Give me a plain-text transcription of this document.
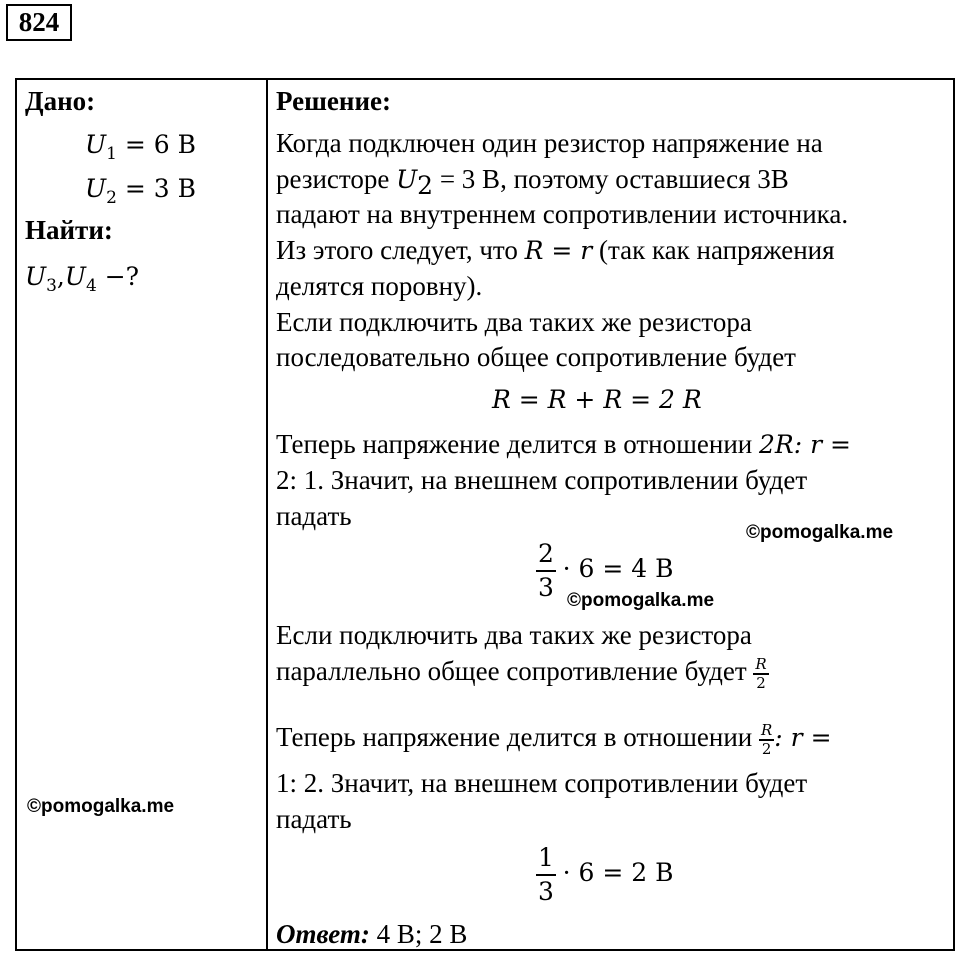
824
Дано:
$U_1 = 6$ В
$U_2 = 3$ В
Найти:
$U_3,U_4$ −?
©pomogalka.me
Решение:
Когда подключен один резистор напряжение на
резисторе $U_2 = 3$ В, поэтому оставшиеся 3В
падают на внутреннем сопротивлении источника.
Из этого следует, что R = r (так как напряжения
делятся поровну).
Если подключить два таких же резистора
последовательно общее сопротивление будет
R = R + R = 2 R
Теперь напряжение делится в отношении 2R: r =
2: 1. Значит, на внешнем сопротивлении будет
падать
©pomogalka.me
$\frac{2}{3} \cdot 6 = 4$ В
©pomogalka.me
Если подключить два таких же резистора
параллельно общее сопротивление будет $\frac{R}{2}$
Теперь напряжение делится в отношении $\frac{R}{2}$ : r =
1: 2. Значит, на внешнем сопротивлении будет
падать
$\frac{1}{3} \cdot 6 = 2$ В
Ответ: 4 В; 2 В
